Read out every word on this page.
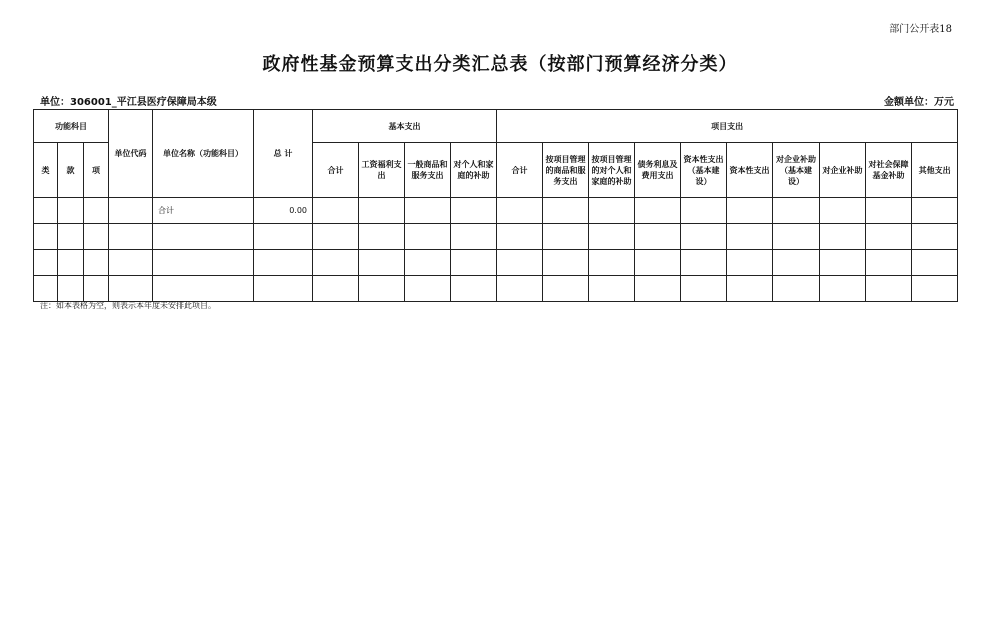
部门公开表18
政府性基金预算支出分类汇总表（按部门预算经济分类）
单位：306001_平江县医疗保障局本级	金额单位：万元
功能科目			单位代码	单位名称（功能科目）	总 计	基本支出				项目支出									
类	款	项				合计	工资福利支出	一般商品和服务支出	对个人和家庭的补助	合计	按项目管理的商品和服务支出	按项目管理的对个人和家庭的补助	债务利息及费用支出	资本性支出（基本建设）	资本性支出	对企业补助（基本建设）	对企业补助	对社会保障基金补助	其他支出
				合计	0.00														

注：如本表格为空，则表示本年度未安排此项目。
